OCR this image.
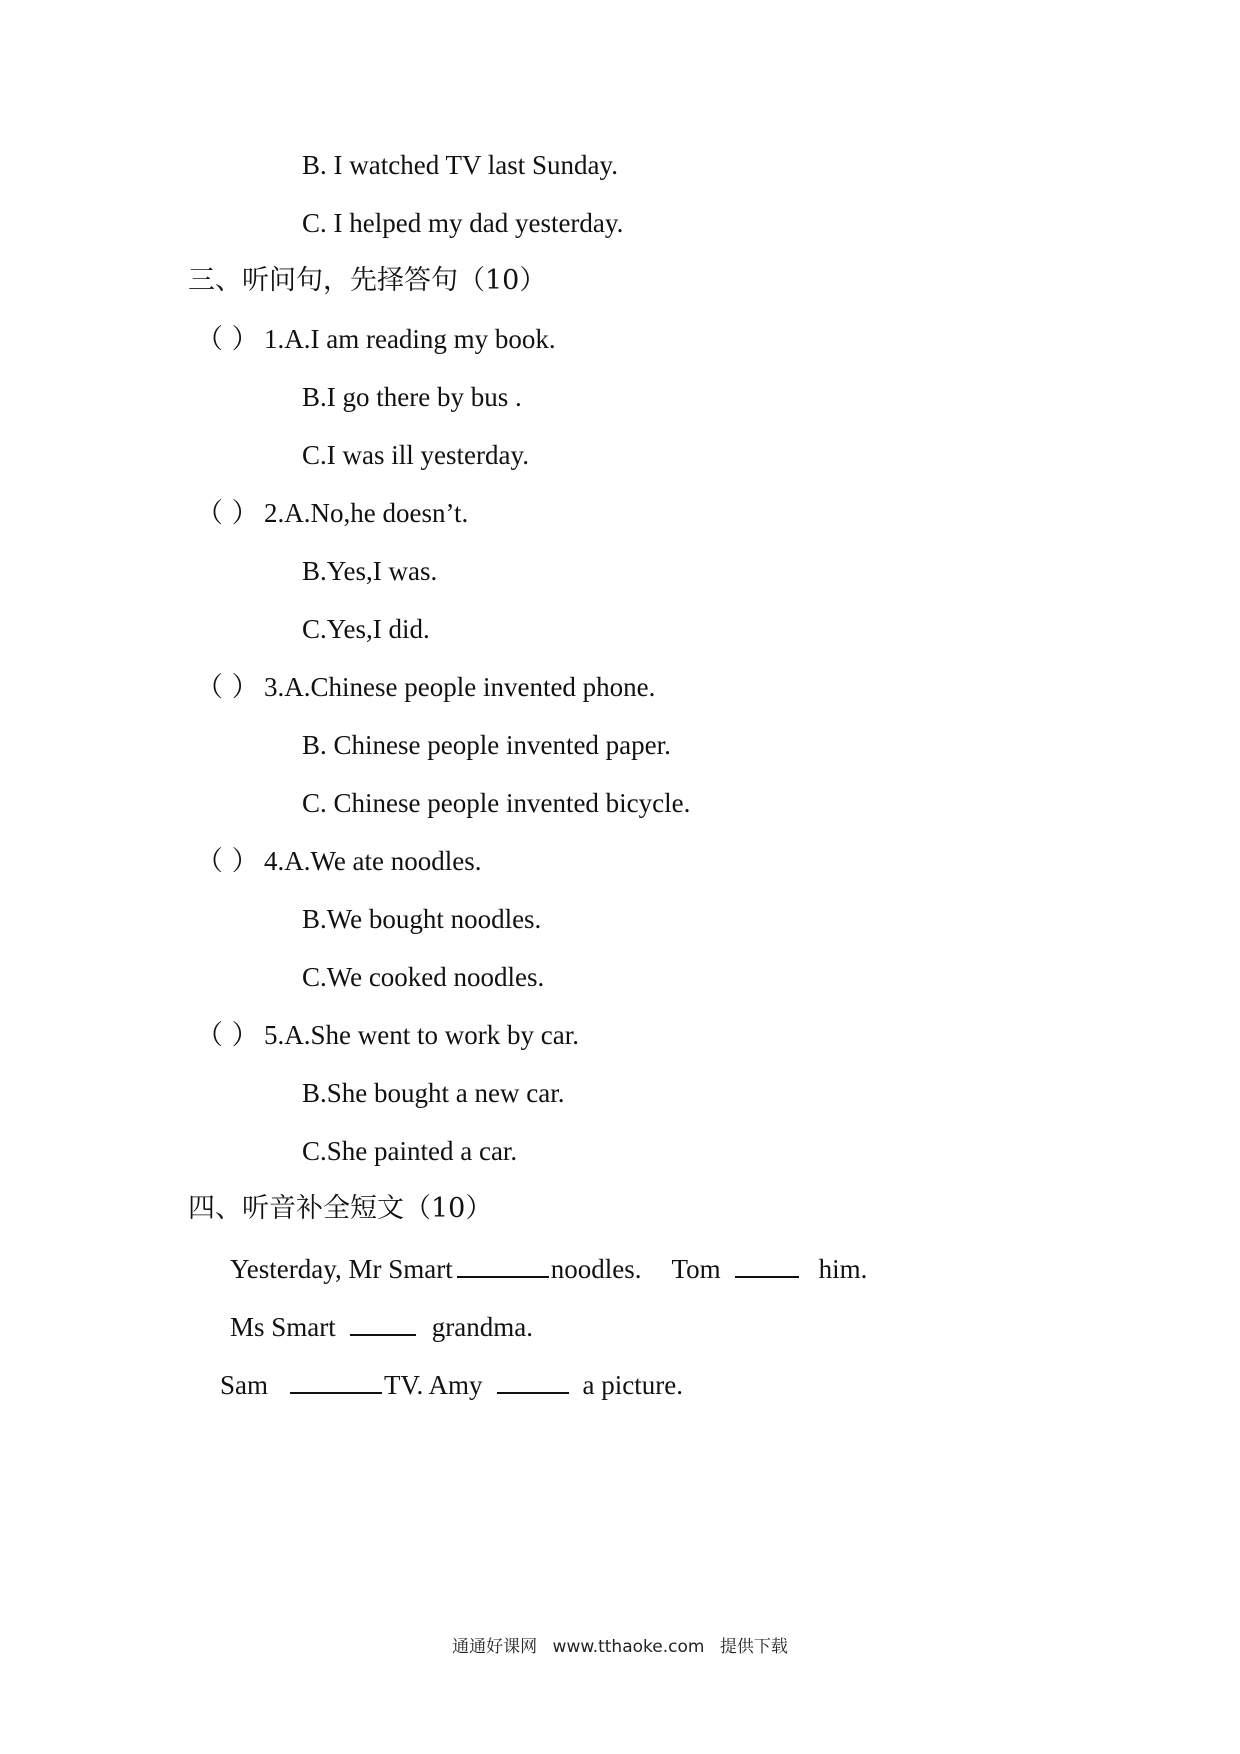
B. I watched TV last Sunday.
C. I helped my dad yesterday.
三、听问句，先择答句（10）
（ ） 1.A.I am reading my book.
B.I go there by bus .
C.I was ill yesterday.
（ ） 2.A.No,he doesn’t.
B.Yes,I was.
C.Yes,I did.
（ ） 3.A.Chinese people invented phone.
B. Chinese people invented paper.
C. Chinese people invented bicycle.
（ ） 4.A.We ate noodles.
B.We bought noodles.
C.We cooked noodles.
（ ） 5.A.She went to work by car.
B.She bought a new car.
C.She painted a car.
四、听音补全短文（10）
Yesterday, Mr Smart	noodles. Tom	him.
Ms Smart	grandma.
Sam	TV. Amy	a picture.
通通好课网 www.tthaoke.com 提供下载
